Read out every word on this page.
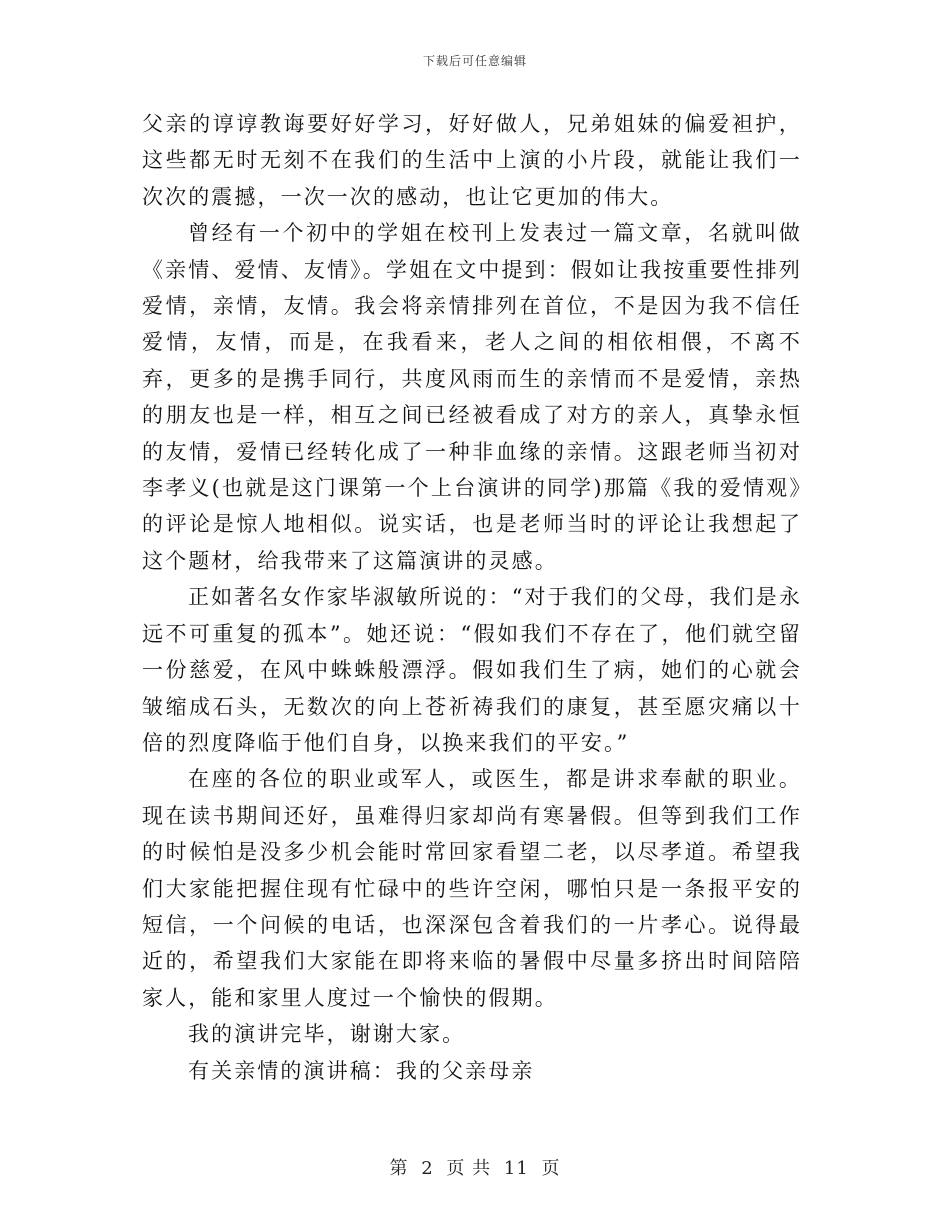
下载后可任意编辑

父亲的谆谆教诲要好好学习，好好做人，兄弟姐妹的偏爱袒护，这些都无时无刻不在我们的生活中上演的小片段，就能让我们一次次的震撼，一次一次的感动，也让它更加的伟大。

曾经有一个初中的学姐在校刊上发表过一篇文章，名就叫做《亲情、爱情、友情》。学姐在文中提到：假如让我按重要性排列爱情，亲情，友情。我会将亲情排列在首位，不是因为我不信任爱情，友情，而是，在我看来，老人之间的相依相偎，不离不弃，更多的是携手同行，共度风雨而生的亲情而不是爱情，亲热的朋友也是一样，相互之间已经被看成了对方的亲人，真挚永恒的友情，爱情已经转化成了一种非血缘的亲情。这跟老师当初对李孝义(也就是这门课第一个上台演讲的同学)那篇《我的爱情观》的评论是惊人地相似。说实话，也是老师当时的评论让我想起了这个题材，给我带来了这篇演讲的灵感。

正如著名女作家毕淑敏所说的：“对于我们的父母，我们是永远不可重复的孤本”。她还说：“假如我们不存在了，他们就空留一份慈爱，在风中蛛蛛般漂浮。假如我们生了病，她们的心就会皱缩成石头，无数次的向上苍祈祷我们的康复，甚至愿灾痛以十倍的烈度降临于他们自身，以换来我们的平安。”

在座的各位的职业或军人，或医生，都是讲求奉献的职业。现在读书期间还好，虽难得归家却尚有寒暑假。但等到我们工作的时候怕是没多少机会能时常回家看望二老，以尽孝道。希望我们大家能把握住现有忙碌中的些许空闲，哪怕只是一条报平安的短信，一个问候的电话，也深深包含着我们的一片孝心。说得最近的，希望我们大家能在即将来临的暑假中尽量多挤出时间陪陪家人，能和家里人度过一个愉快的假期。

我的演讲完毕，谢谢大家。

有关亲情的演讲稿：我的父亲母亲

第 2 页 共 11 页
